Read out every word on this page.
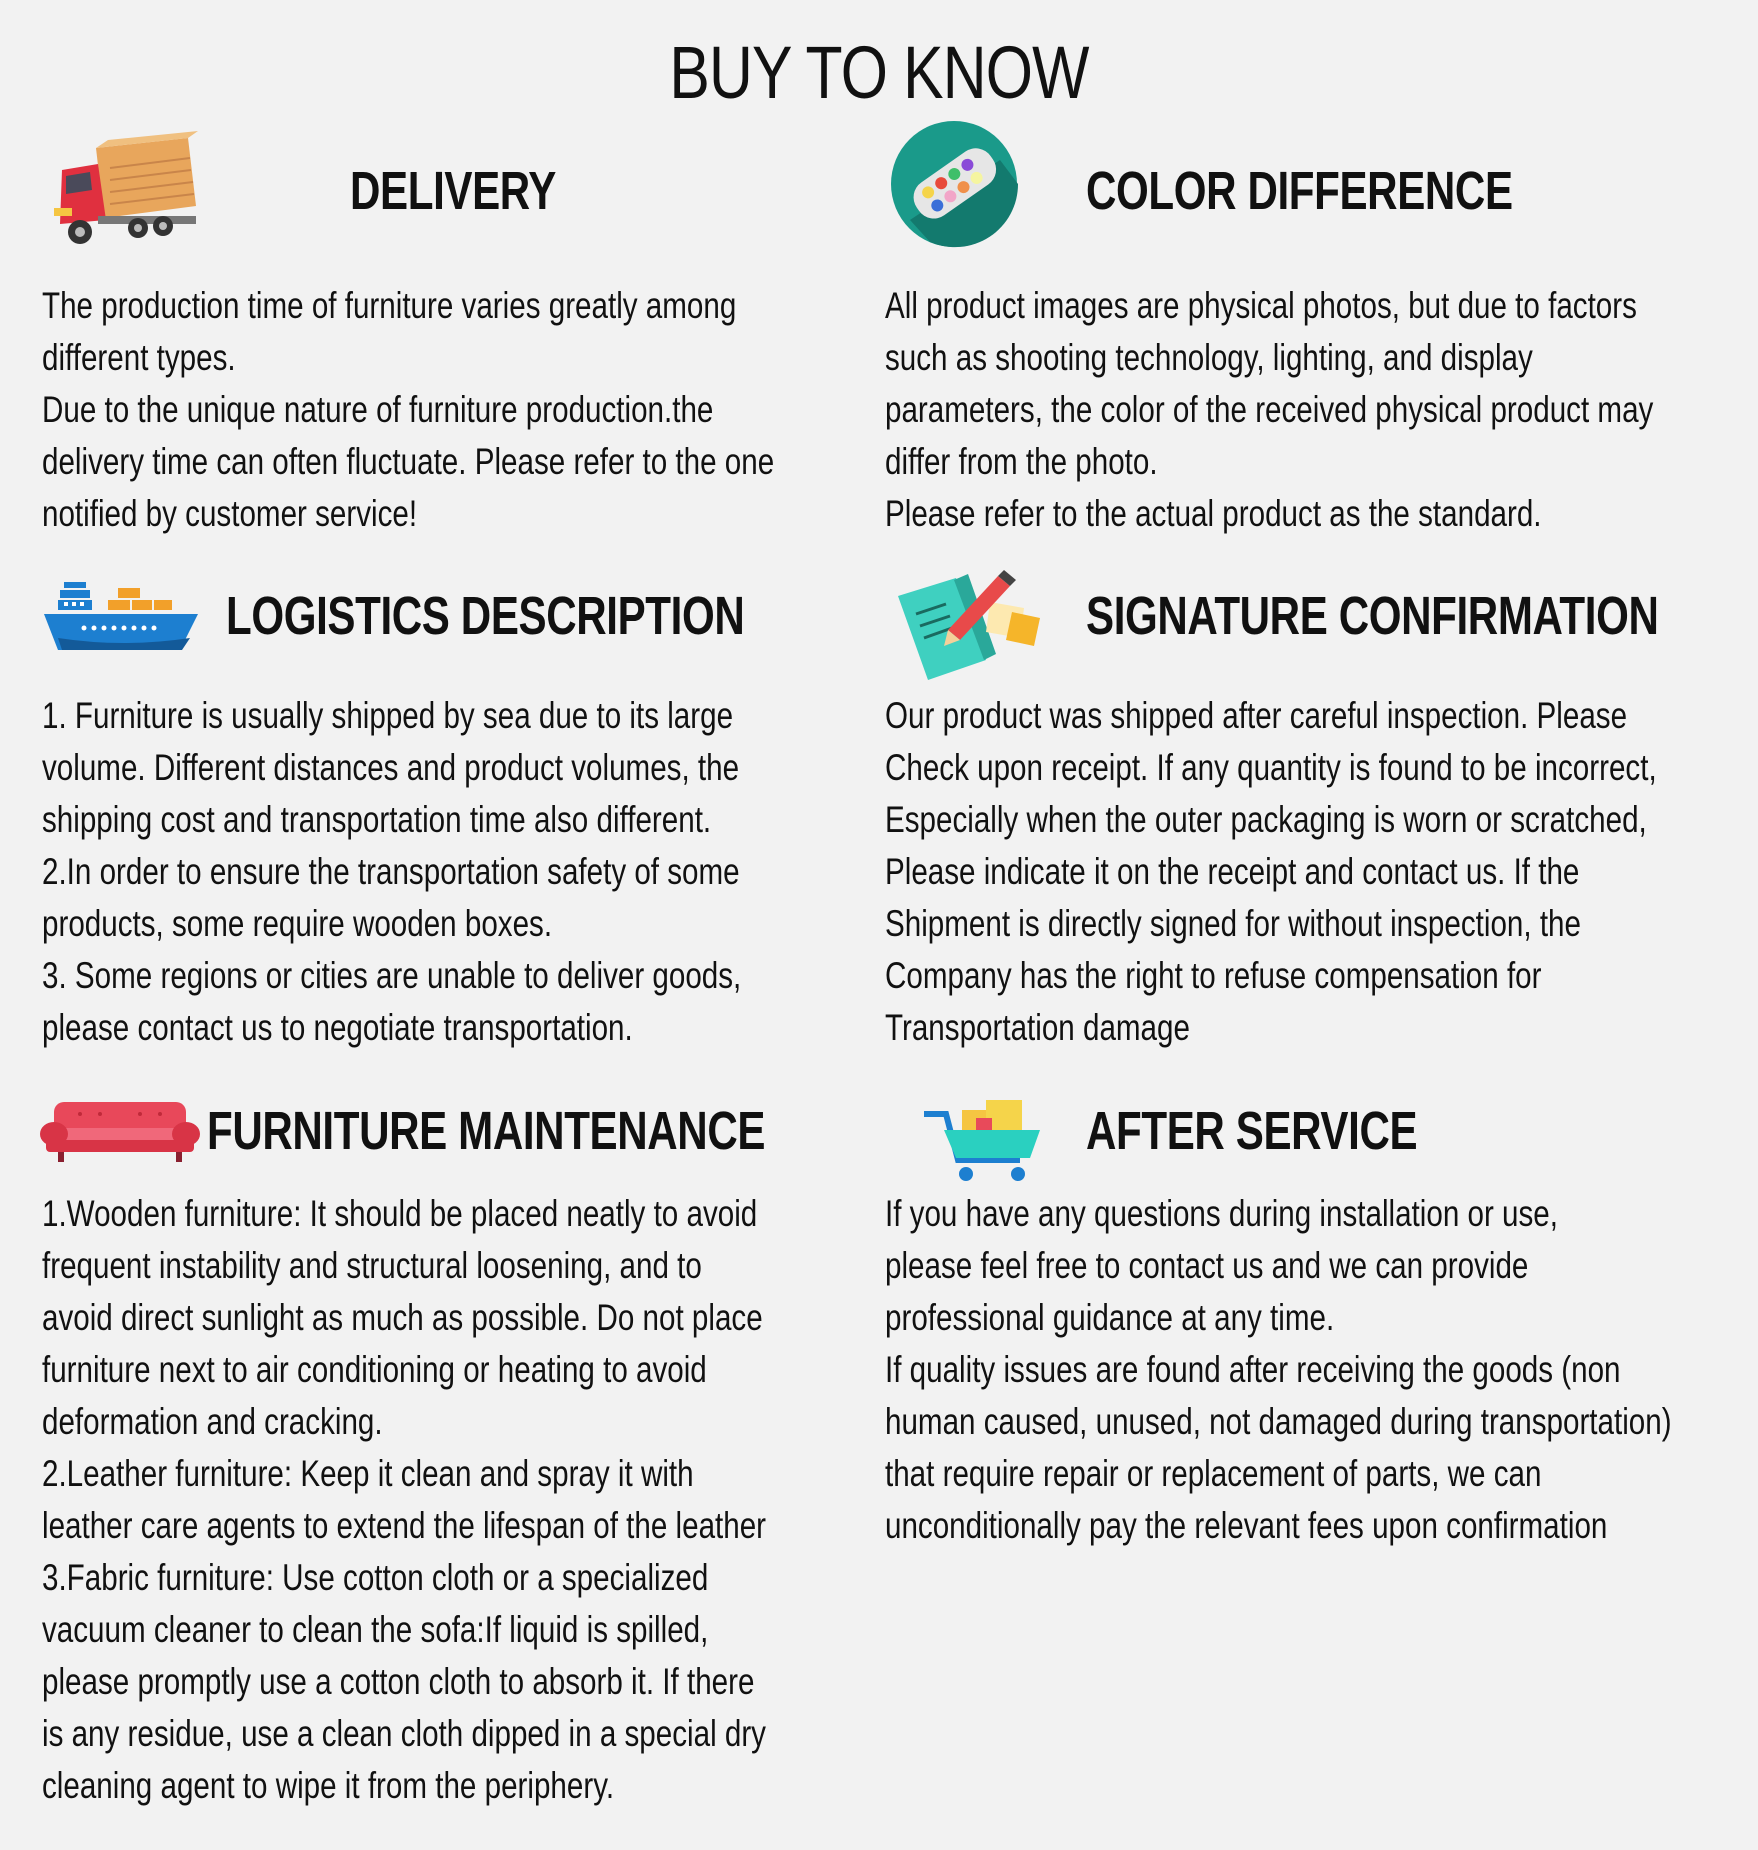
BUY TO KNOW
DELIVERY
The production time of furniture varies greatly among
different types.
Due to the unique nature of furniture production.the
delivery time can often fluctuate. Please refer to the one
notified by customer service!
COLOR DIFFERENCE
All product images are physical photos, but due to factors
such as shooting technology, lighting, and display
parameters, the color of the received physical product may
differ from the photo.
Please refer to the actual product as the standard.
LOGISTICS DESCRIPTION
1. Furniture is usually shipped by sea due to its large
volume. Different distances and product volumes, the
shipping cost and transportation time also different.
2.In order to ensure the transportation safety of some
products, some require wooden boxes.
3. Some regions or cities are unable to deliver goods,
please contact us to negotiate transportation.
SIGNATURE CONFIRMATION
Our product was shipped after careful inspection. Please
Check upon receipt. If any quantity is found to be incorrect,
Especially when the outer packaging is worn or scratched,
Please indicate it on the receipt and contact us. If the
Shipment is directly signed for without inspection, the
Company has the right to refuse compensation for
Transportation damage
FURNITURE MAINTENANCE
1.Wooden furniture: It should be placed neatly to avoid
frequent instability and structural loosening, and to
avoid direct sunlight as much as possible. Do not place
furniture next to air conditioning or heating to avoid
deformation and cracking.
2.Leather furniture: Keep it clean and spray it with
leather care agents to extend the lifespan of the leather
3.Fabric furniture: Use cotton cloth or a specialized
vacuum cleaner to clean the sofa:If liquid is spilled,
please promptly use a cotton cloth to absorb it. If there
is any residue, use a clean cloth dipped in a special dry
cleaning agent to wipe it from the periphery.
AFTER SERVICE
If you have any questions during installation or use,
please feel free to contact us and we can provide
professional guidance at any time.
If quality issues are found after receiving the goods (non
human caused, unused, not damaged during transportation)
that require repair or replacement of parts, we can
unconditionally pay the relevant fees upon confirmation
